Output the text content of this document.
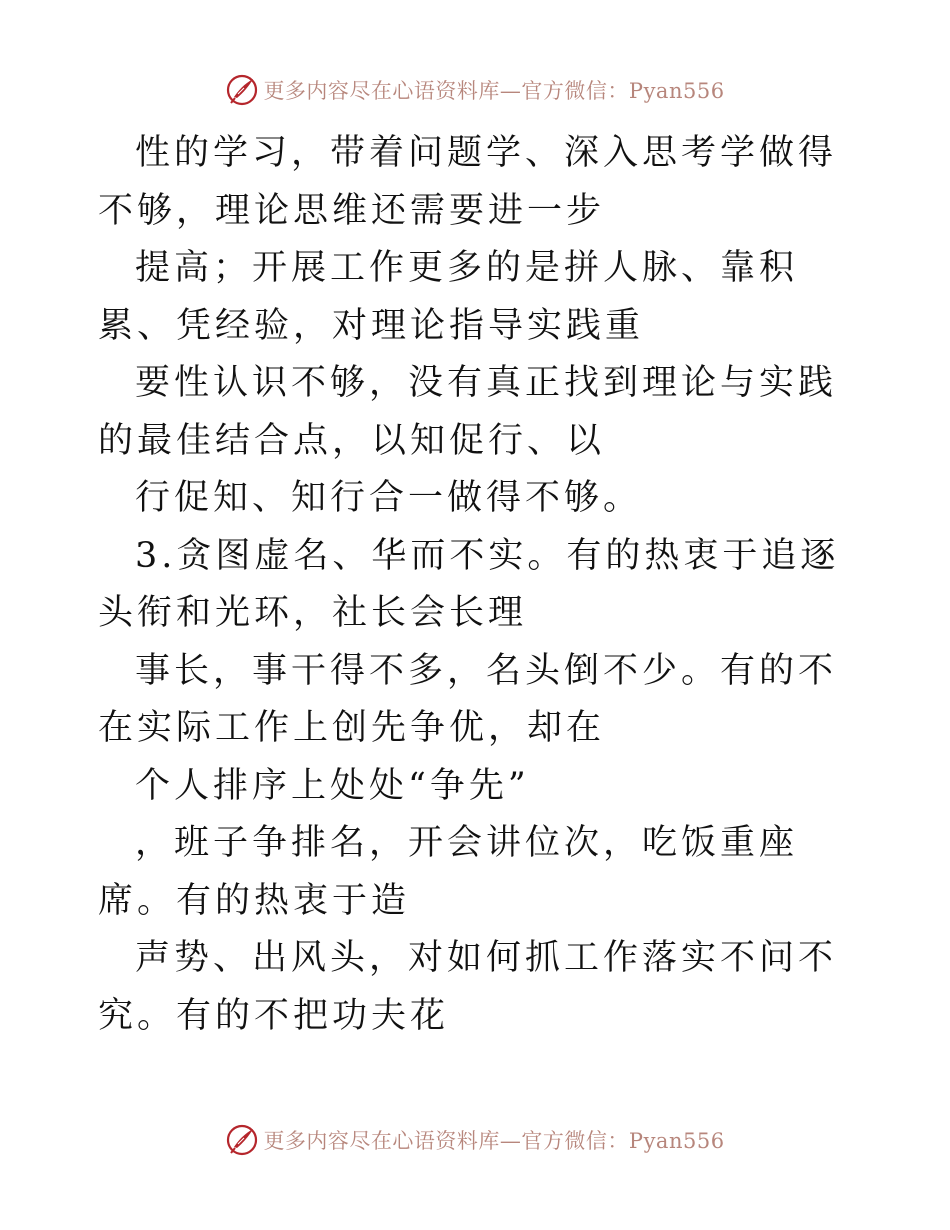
更多内容尽在心语资料库—官方微信：Pyan556

性的学习，带着问题学、深入思考学做得不够，理论思维还需要进一步

提高；开展工作更多的是拼人脉、靠积累、凭经验，对理论指导实践重

要性认识不够，没有真正找到理论与实践的最佳结合点，以知促行、以

行促知、知行合一做得不够。

3.贪图虚名、华而不实。有的热衷于追逐头衔和光环，社长会长理

事长，事干得不多，名头倒不少。有的不在实际工作上创先争优，却在

个人排序上处处“争先”

，班子争排名，开会讲位次，吃饭重座席。有的热衷于造

声势、出风头，对如何抓工作落实不问不究。有的不把功夫花

更多内容尽在心语资料库—官方微信：Pyan556
